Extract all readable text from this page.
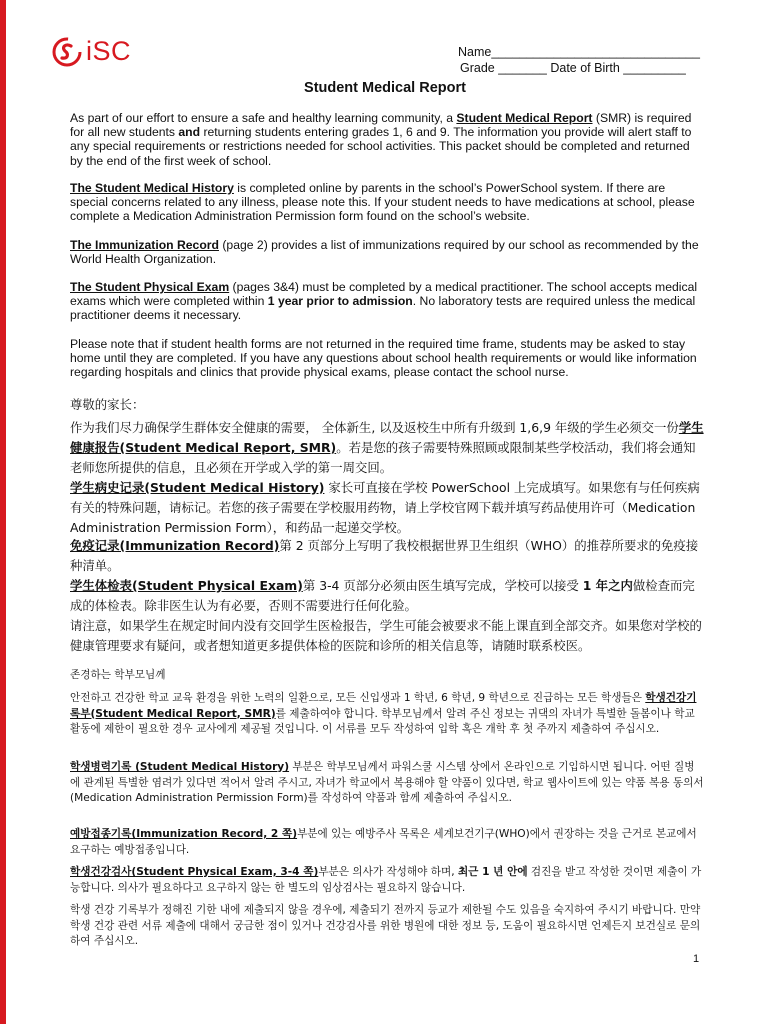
iSC	Name______________________________
Grade _______ Date of Birth _________
Student Medical Report
As part of our effort to ensure a safe and healthy learning community, a Student Medical Report (SMR) is required for all new students and returning students entering grades 1, 6 and 9. The information you provide will alert staff to any special requirements or restrictions needed for school activities. This packet should be completed and returned by the end of the first week of school.
The Student Medical History is completed online by parents in the school’s PowerSchool system. If there are special concerns related to any illness, please note this. If your student needs to have medications at school, please complete a Medication Administration Permission form found on the school’s website.
The Immunization Record (page 2) provides a list of immunizations required by our school as recommended by the World Health Organization.
The Student Physical Exam (pages 3&4) must be completed by a medical practitioner. The school accepts medical exams which were completed within 1 year prior to admission. No laboratory tests are required unless the medical practitioner deems it necessary.
Please note that if student health forms are not returned in the required time frame, students may be asked to stay home until they are completed. If you have any questions about school health requirements or would like information regarding hospitals and clinics that provide physical exams, please contact the school nurse.
尊敬的家长：
作为我们尽力确保学生群体安全健康的需要， 全体新生, 以及返校生中所有升级到 1,6,9 年级的学生必须交一份学生健康报告(Student Medical Report, SMR)。若是您的孩子需要特殊照顾或限制某些学校活动，我们将会通知老师您所提供的信息，且必须在开学或入学的第一周交回。
学生病史记录(Student Medical History) 家长可直接在学校 PowerSchool 上完成填写。如果您有与任何疾病有关的特殊问题，请标记。若您的孩子需要在学校服用药物，请上学校官网下载并填写药品使用许可（Medication Administration Permission Form），和药品一起递交学校。
免疫记录(Immunization Record)第 2 页部分上写明了我校根据世界卫生组织（WHO）的推荐所要求的免疫接种清单。
学生体检表(Student Physical Exam)第 3-4 页部分必须由医生填写完成，学校可以接受 1 年之内做检查而完成的体检表。除非医生认为有必要，否则不需要进行任何化验。
请注意，如果学生在规定时间内没有交回学生医检报告，学生可能会被要求不能上课直到全部交齐。如果您对学校的健康管理要求有疑问，或者想知道更多提供体检的医院和诊所的相关信息等，请随时联系校医。
존경하는 학부모님께
안전하고 건강한 학교 교육 환경을 위한 노력의 일환으로, 모든 신입생과 1 학년, 6 학년, 9 학년으로 진급하는 모든 학생들은 학생건강기록부(Student Medical Report, SMR)를 제출하여야 합니다. 학부모님께서 알려 주신 정보는 귀댁의 자녀가 특별한 돌봄이나 학교활동에 제한이 필요한 경우 교사에게 제공될 것입니다. 이 서류를 모두 작성하여 입학 혹은 개학 후 첫 주까지 제출하여 주십시오.
학생병력기록 (Student Medical History) 부분은 학부모님께서 파워스쿨 시스템 상에서 온라인으로 기입하시면 됩니다. 어떤 질병에 관계된 특별한 염려가 있다면 적어서 알려 주시고, 자녀가 학교에서 복용해야 할 약품이 있다면, 학교 웹사이트에 있는 약품 복용 동의서(Medication Administration Permission Form)를 작성하여 약품과 함께 제출하여 주십시오.
예방접종기록(Immunization Record, 2 쪽)부분에 있는 예방주사 목록은 세계보건기구(WHO)에서 권장하는 것을 근거로 본교에서 요구하는 예방접종입니다.
학생건강검사(Student Physical Exam, 3-4 쪽)부분은 의사가 작성해야 하며, 최근 1 년 안에 검진을 받고 작성한 것이면 제출이 가능합니다. 의사가 필요하다고 요구하지 않는 한 별도의 임상검사는 필요하지 않습니다.
학생 건강 기록부가 정해진 기한 내에 제출되지 않을 경우에, 제출되기 전까지 등교가 제한될 수도 있음을 숙지하여 주시기 바랍니다. 만약 학생 건강 관련 서류 제출에 대해서 궁금한 점이 있거나 건강검사를 위한 병원에 대한 정보 등, 도움이 필요하시면 언제든지 보건실로 문의하여 주십시오.
1
